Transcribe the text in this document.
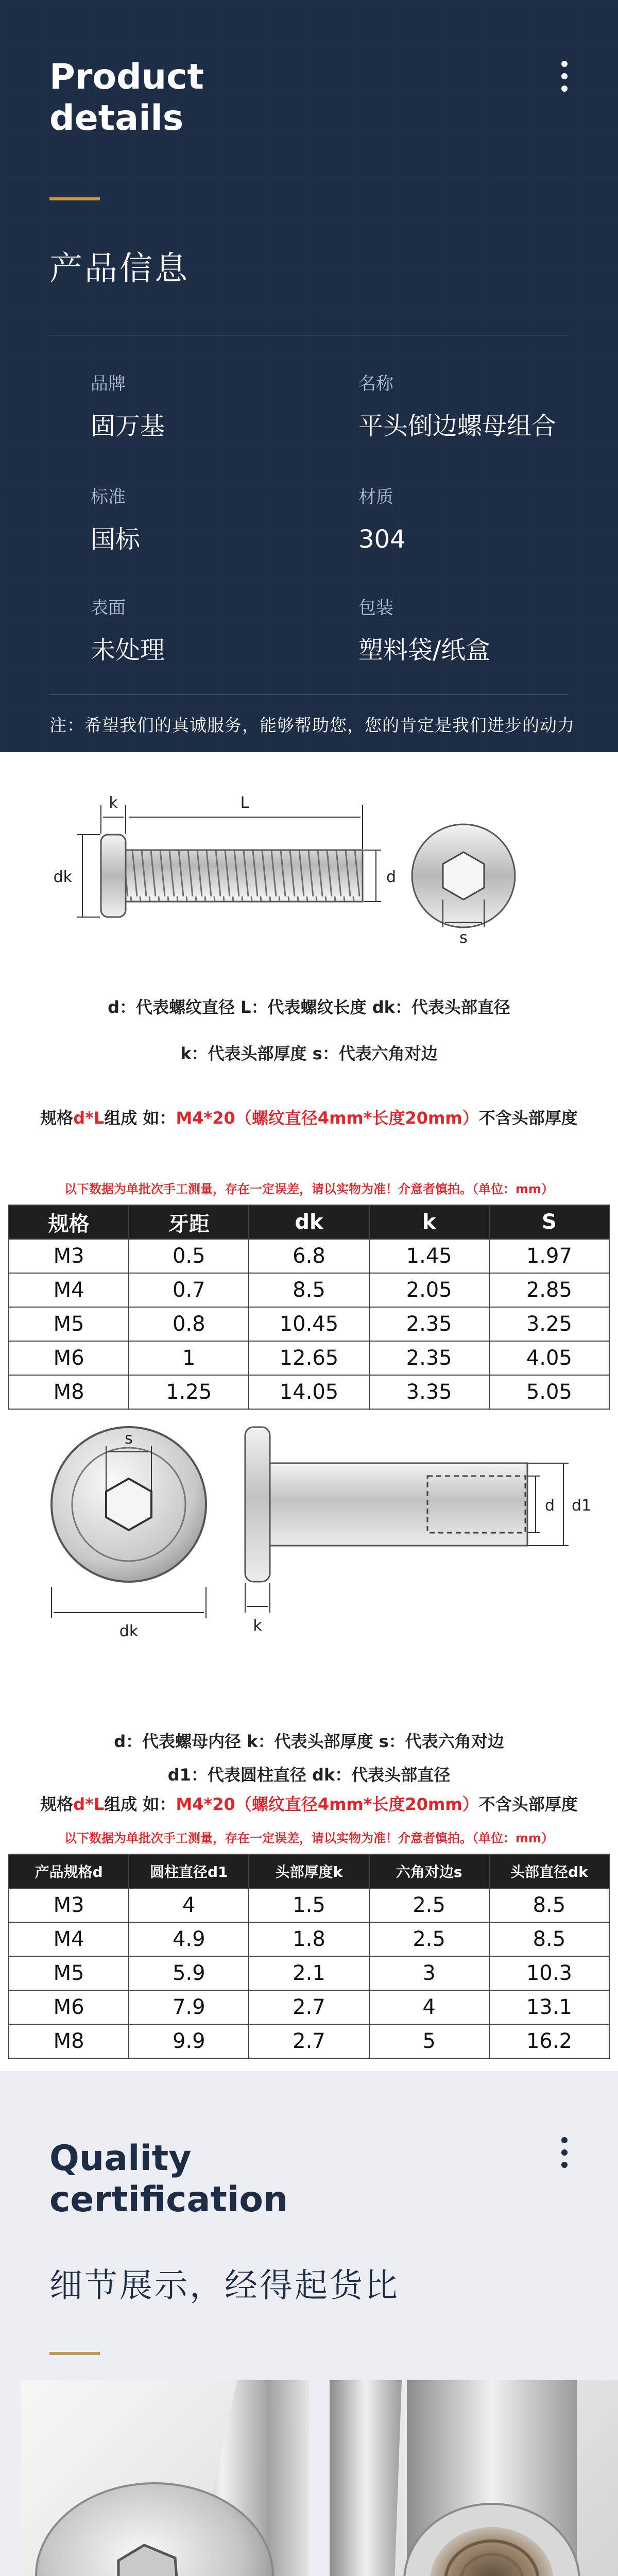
Product
details
产品信息
品牌
固万基
名称
平头倒边螺母组合
标准
国标
材质
304
表面
未处理
包装
塑料袋/纸盒
注：希望我们的真诚服务，能够帮助您，您的肯定是我们进步的动力
k	L
dk	d
s
d：代表螺纹直径 L：代表螺纹长度 dk：代表头部直径
k：代表头部厚度 s：代表六角对边
规格d*L组成 如：M4*20（螺纹直径4mm*长度20mm）不含头部厚度
以下数据为单批次手工测量，存在一定误差，请以实物为准！介意者慎拍。（单位：mm）
规格	牙距	dk	k	S
M3	0.5	6.8	1.45	1.97
M4	0.7	8.5	2.05	2.85
M5	0.8	10.45	2.35	3.25
M6	1	12.65	2.35	4.05
M8	1.25	14.05	3.35	5.05
s
dk	k
d d1
d：代表螺母内径 k：代表头部厚度 s：代表六角对边
d1：代表圆柱直径 dk：代表头部直径
规格d*L组成 如：M4*20（螺纹直径4mm*长度20mm）不含头部厚度
以下数据为单批次手工测量，存在一定误差，请以实物为准！介意者慎拍。（单位：mm）
产品规格d	圆柱直径d1	头部厚度k	六角对边s	头部直径dk
M3	4	1.5	2.5	8.5
M4	4.9	1.8	2.5	8.5
M5	5.9	2.1	3	10.3
M6	7.9	2.7	4	13.1
M8	9.9	2.7	5	16.2
Quality
certification
细节展示，经得起货比
